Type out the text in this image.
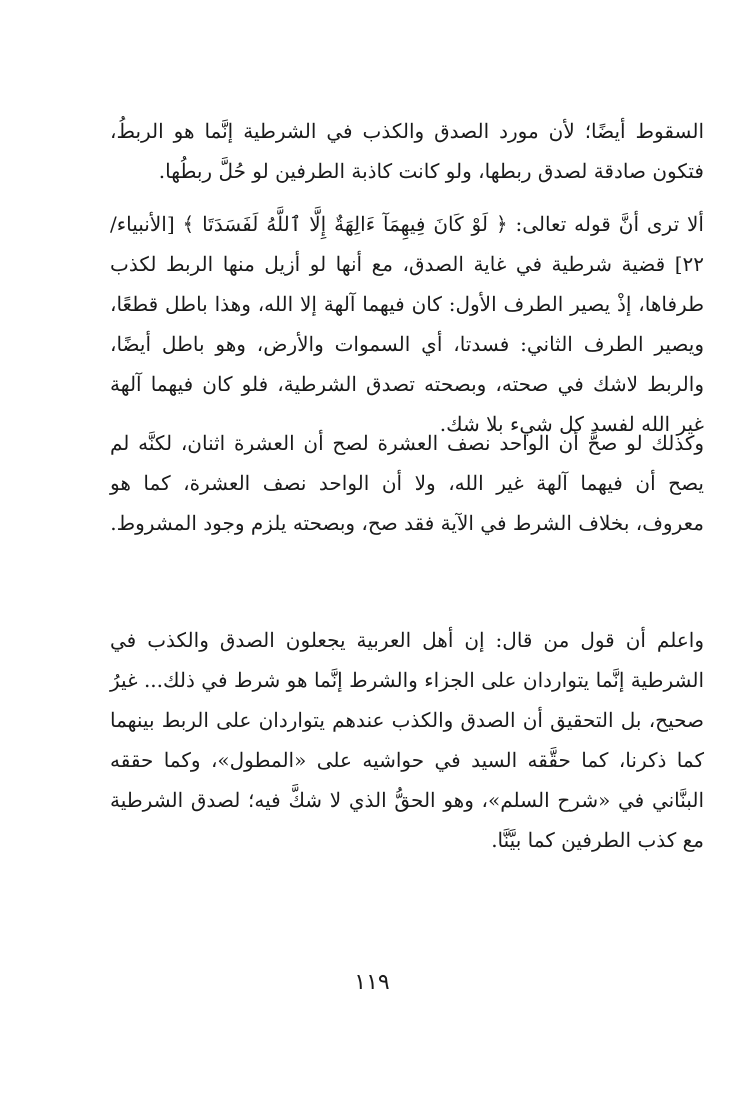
السقوط أيضًا؛ لأن مورد الصدق والكذب في الشرطية إنَّما هو الربطُ، فتكون صادقة لصدق ربطها، ولو كانت كاذبة الطرفين لو حُلَّ ربطُها.

ألا ترى أنَّ قوله تعالى: ﴿ لَوْ كَانَ فِيهِمَآ ءَالِهَةٌ إِلَّا ٱللَّهُ لَفَسَدَتَا ﴾ [الأنبياء/ ٢٢] قضية شرطية في غاية الصدق، مع أنها لو أزيل منها الربط لكذب طرفاها، إذْ يصير الطرف الأول: كان فيهما آلهة إلا الله، وهذا باطل قطعًا، ويصير الطرف الثاني: فسدتا، أي السموات والأرض، وهو باطل أيضًا، والربط لاشك في صحته، وبصحته تصدق الشرطية، فلو كان فيهما آلهة غير الله لفسد كل شيء بلا شك.

وكذلك لو صحَّ أن الواحد نصف العشرة لصح أن العشرة اثنان، لكنَّه لم يصح أن فيهما آلهة غير الله، ولا أن الواحد نصف العشرة، كما هو معروف، بخلاف الشرط في الآية فقد صح، وبصحته يلزم وجود المشروط.

واعلم أن قول من قال: إن أهل العربية يجعلون الصدق والكذب في الشرطية إنَّما يتواردان على الجزاء والشرط إنَّما هو شرط في ذلك... غيرُ صحيح، بل التحقيق أن الصدق والكذب عندهم يتواردان على الربط بينهما كما ذكرنا، كما حقَّقه السيد في حواشيه على «المطول»، وكما حققه البنَّاني في «شرح السلم»، وهو الحقُّ الذي لا شكَّ فيه؛ لصدق الشرطية مع كذب الطرفين كما بيَّنَّا.

١١٩
